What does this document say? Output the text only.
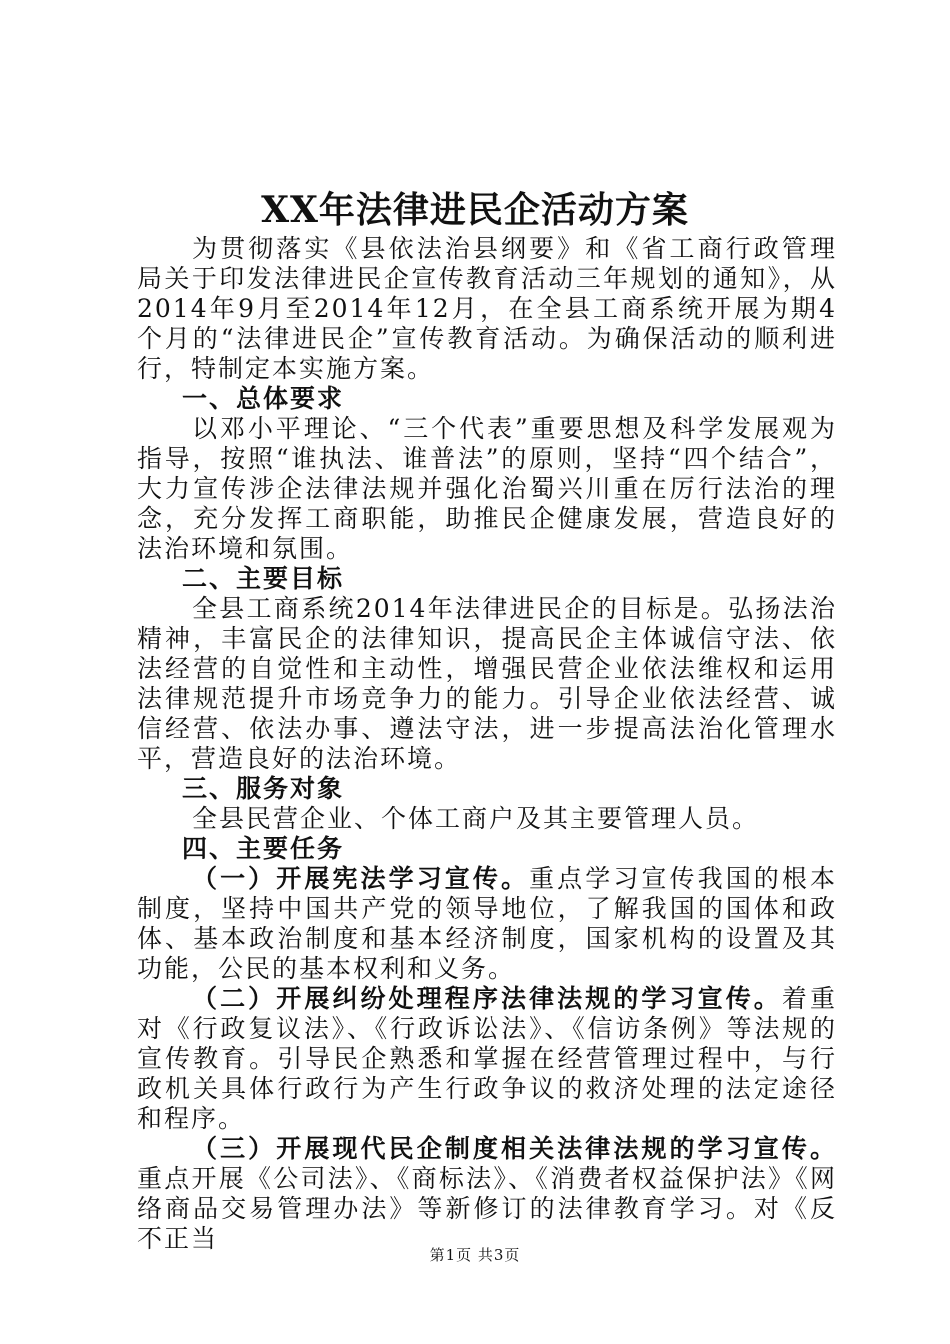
XX年法律进民企活动方案

为贯彻落实《县依法治县纲要》和《省工商行政管理局关于印发法律进民企宣传教育活动三年规划的通知》，从2014年9月至2014年12月，在全县工商系统开展为期4个月的“法律进民企”宣传教育活动。为确保活动的顺利进行，特制定本实施方案。

一、总体要求

以邓小平理论、“三个代表”重要思想及科学发展观为指导，按照“谁执法、谁普法”的原则，坚持“四个结合”，大力宣传涉企法律法规并强化治蜀兴川重在厉行法治的理念，充分发挥工商职能，助推民企健康发展，营造良好的法治环境和氛围。

二、主要目标

全县工商系统2014年法律进民企的目标是。弘扬法治精神，丰富民企的法律知识，提高民企主体诚信守法、依法经营的自觉性和主动性，增强民营企业依法维权和运用法律规范提升市场竞争力的能力。引导企业依法经营、诚信经营、依法办事、遵法守法，进一步提高法治化管理水平，营造良好的法治环境。

三、服务对象

全县民营企业、个体工商户及其主要管理人员。

四、主要任务

（一）开展宪法学习宣传。重点学习宣传我国的根本制度，坚持中国共产党的领导地位，了解我国的国体和政体、基本政治制度和基本经济制度，国家机构的设置及其功能，公民的基本权利和义务。

（二）开展纠纷处理程序法律法规的学习宣传。着重对《行政复议法》、《行政诉讼法》、《信访条例》等法规的宣传教育。引导民企熟悉和掌握在经营管理过程中，与行政机关具体行政行为产生行政争议的救济处理的法定途径和程序。

（三）开展现代民企制度相关法律法规的学习宣传。重点开展《公司法》、《商标法》、《消费者权益保护法》《网络商品交易管理办法》等新修订的法律教育学习。对《反不正当

第1页 共3页
